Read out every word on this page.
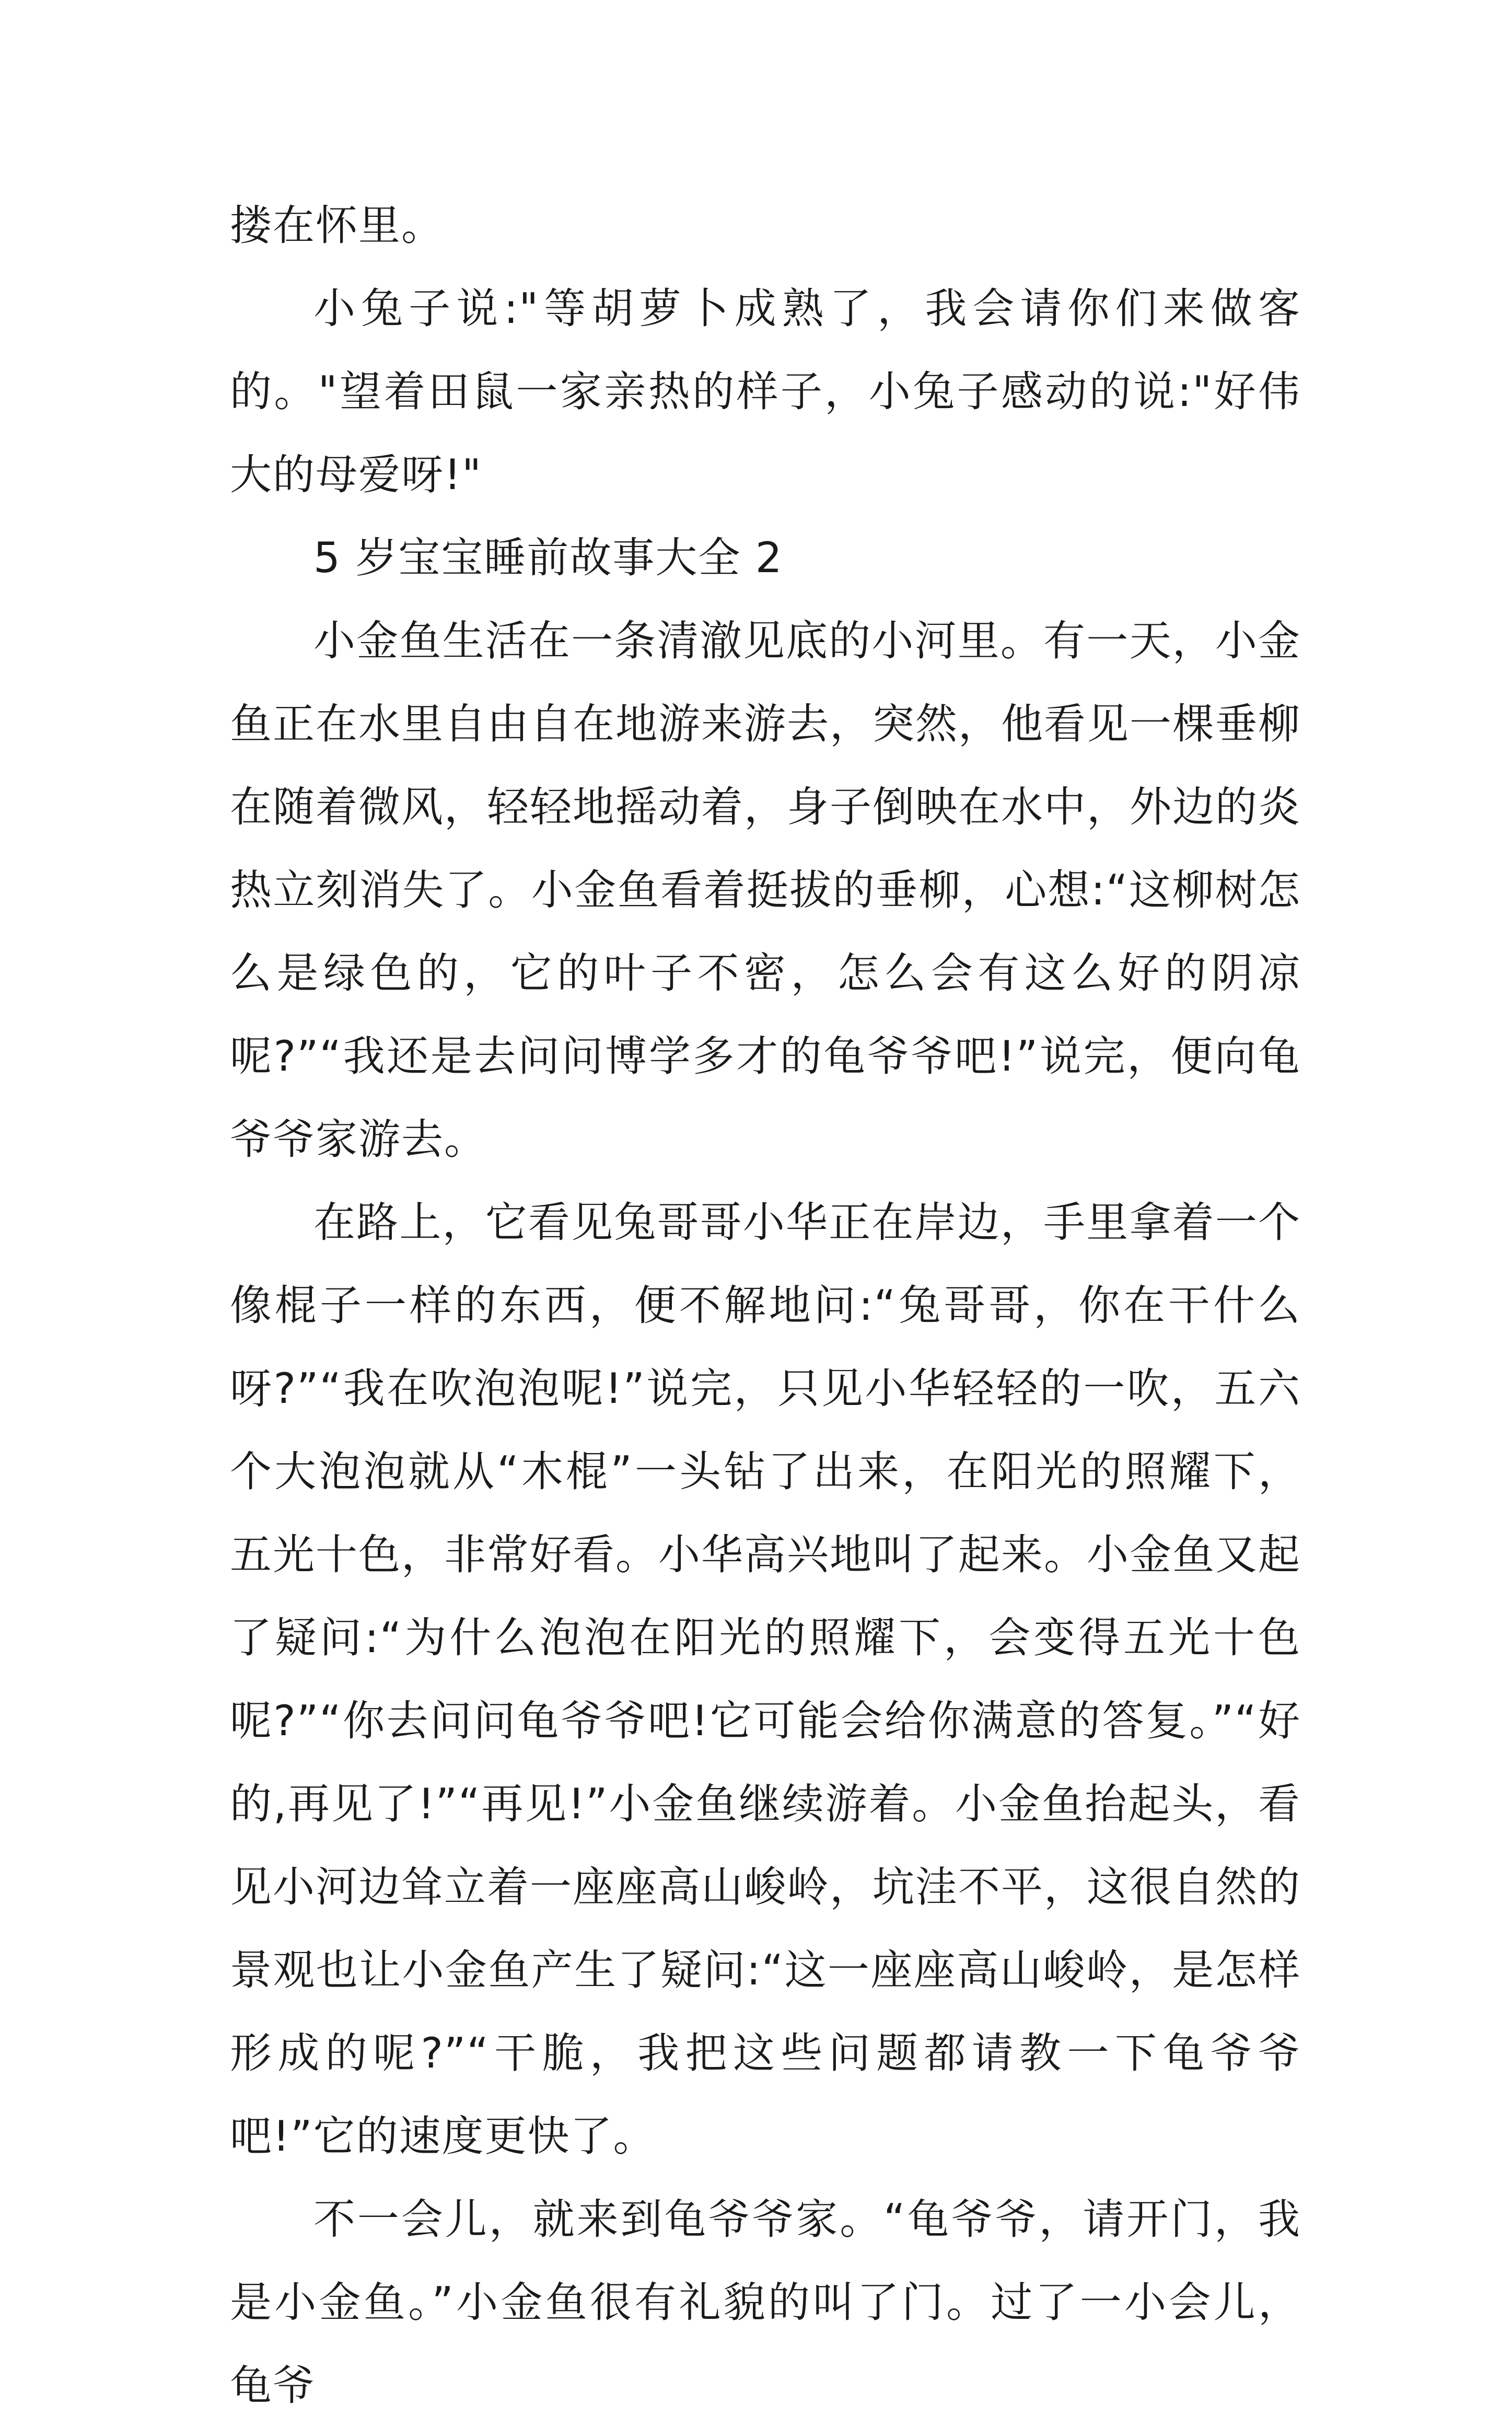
搂在怀里。

小兔子说:"等胡萝卜成熟了，我会请你们来做客的。"望着田鼠一家亲热的样子，小兔子感动的说:"好伟大的母爱呀!"

5 岁宝宝睡前故事大全 2

小金鱼生活在一条清澈见底的小河里。有一天，小金鱼正在水里自由自在地游来游去，突然，他看见一棵垂柳在随着微风，轻轻地摇动着，身子倒映在水中，外边的炎热立刻消失了。小金鱼看着挺拔的垂柳，心想:“这柳树怎么是绿色的，它的叶子不密，怎么会有这么好的阴凉呢?”“我还是去问问博学多才的龟爷爷吧!”说完，便向龟爷爷家游去。

在路上，它看见兔哥哥小华正在岸边，手里拿着一个像棍子一样的东西，便不解地问:“兔哥哥，你在干什么呀?”“我在吹泡泡呢!”说完，只见小华轻轻的一吹，五六个大泡泡就从“木棍”一头钻了出来，在阳光的照耀下，五光十色，非常好看。小华高兴地叫了起来。小金鱼又起了疑问:“为什么泡泡在阳光的照耀下，会变得五光十色呢?”“你去问问龟爷爷吧!它可能会给你满意的答复。”“好的,再见了!”“再见!”小金鱼继续游着。小金鱼抬起头，看见小河边耸立着一座座高山峻岭，坑洼不平，这很自然的景观也让小金鱼产生了疑问:“这一座座高山峻岭，是怎样形成的呢?”“干脆，我把这些问题都请教一下龟爷爷吧!”它的速度更快了。

不一会儿，就来到龟爷爷家。“龟爷爷，请开门，我是小金鱼。”小金鱼很有礼貌的叫了门。过了一小会儿，龟爷
